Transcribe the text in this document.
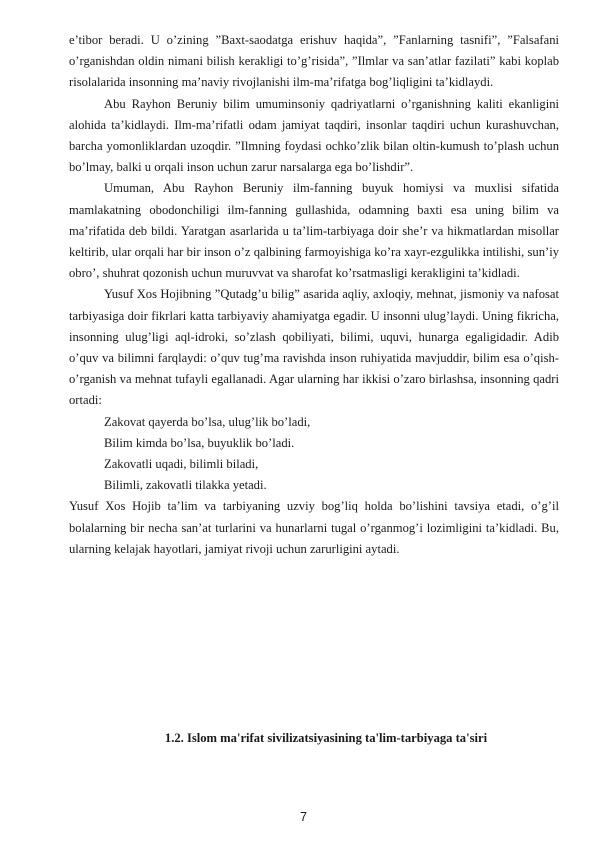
e’tibor beradi. U o’zining ”Baxt-saodatga erishuv haqida”, ”Fanlarning tasnifi”, ”Falsafani o’rganishdan oldin nimani bilish kerakligi to’g’risida”, ”Ilmlar va san’atlar fazilati” kabi koplab risolalarida insonning ma’naviy rivojlanishi ilm-ma’rifatga bog’liqligini ta’kidlaydi.

Abu Rayhon Beruniy bilim umuminsoniy qadriyatlarni o’rganishning kaliti ekanligini alohida ta’kidlaydi. Ilm-ma’rifatli odam jamiyat taqdiri, insonlar taqdiri uchun kurashuvchan, barcha yomonliklardan uzoqdir. ”Ilmning foydasi ochko’zlik bilan oltin-kumush to’plash uchun bo’lmay, balki u orqali inson uchun zarur narsalarga ega bo’lishdir”.

Umuman, Abu Rayhon Beruniy ilm-fanning buyuk homiysi va muxlisi sifatida mamlakatning obodonchiligi ilm-fanning gullashida, odamning baxti esa uning bilim va ma’rifatida deb bildi. Yaratgan asarlarida u ta’lim-tarbiyaga doir she’r va hikmatlardan misollar keltirib, ular orqali har bir inson o’z qalbining farmoyishiga ko’ra xayr-ezgulikka intilishi, sun’iy obro’, shuhrat qozonish uchun muruvvat va sharofat ko’rsatmasligi kerakligini ta’kidladi.

Yusuf Xos Hojibning ”Qutadg’u bilig” asarida aqliy, axloqiy, mehnat, jismoniy va nafosat tarbiyasiga doir fikrlari katta tarbiyaviy ahamiyatga egadir. U insonni ulug’laydi. Uning fikricha, insonning ulug’ligi aql-idroki, so’zlash qobiliyati, bilimi, uquvi, hunarga egaligidadir. Adib o’quv va bilimni farqlaydi: o’quv tug’ma ravishda inson ruhiyatida mavjuddir, bilim esa o’qish-o’rganish va mehnat tufayli egallanadi. Agar ularning har ikkisi o’zaro birlashsa, insonning qadri ortadi:

Zakovat qayerda bo’lsa, ulug’lik bo’ladi,

Bilim kimda bo’lsa, buyuklik bo’ladi.

Zakovatli uqadi, bilimli biladi,

Bilimli, zakovatli tilakka yetadi.

Yusuf Xos Hojib ta’lim va tarbiyaning uzviy bog’liq holda bo’lishini tavsiya etadi, o’g’il bolalarning bir necha san’at turlarini va hunarlarni tugal o’rganmog’i lozimligini ta’kidladi. Bu, ularning kelajak hayotlari, jamiyat rivoji uchun zarurligini aytadi.

1.2. Islom ma'rifat sivilizatsiyasining ta'lim-tarbiyaga ta'siri

7
